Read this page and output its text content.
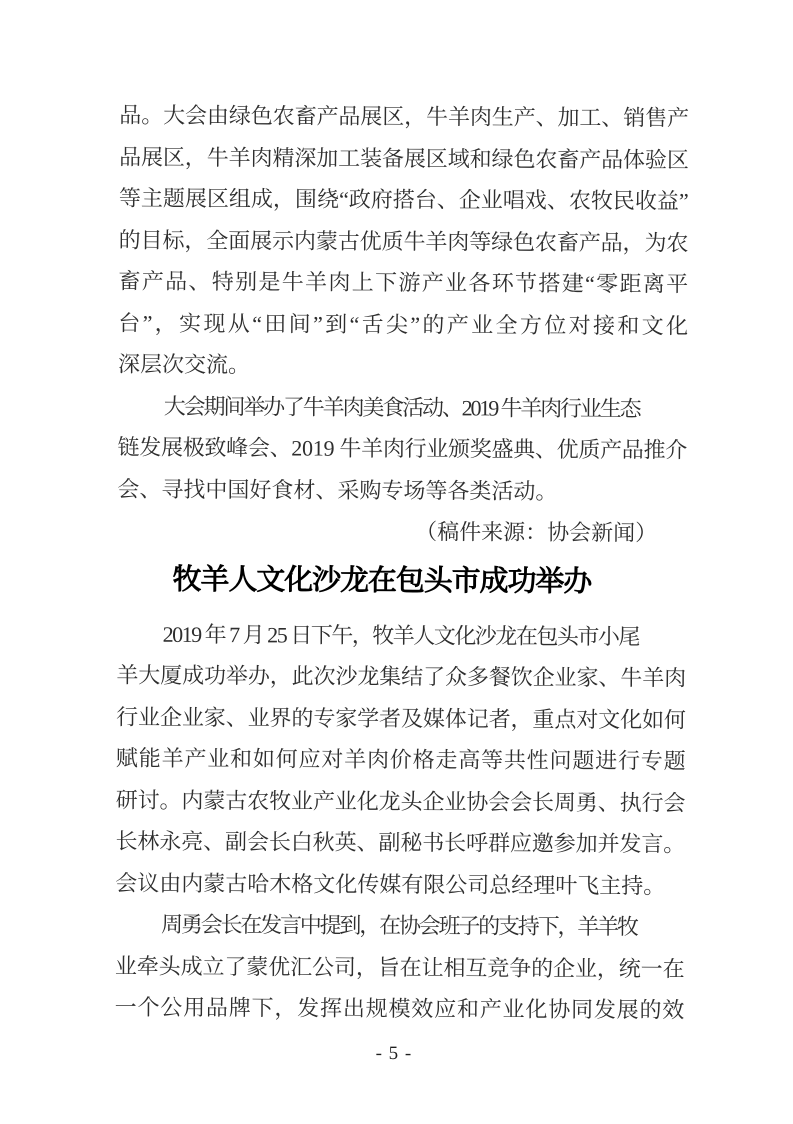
品。大会由绿色农畜产品展区，牛羊肉生产、加工、销售产
品展区，牛羊肉精深加工装备展区域和绿色农畜产品体验区
等主题展区组成，围绕“政府搭台、企业唱戏、农牧民收益”
的目标，全面展示内蒙古优质牛羊肉等绿色农畜产品，为农
畜产品、特别是牛羊肉上下游产业各环节搭建“零距离平
台”，实现从“田间”到“舌尖”的产业全方位对接和文化
深层次交流。
大会期间举办了牛羊肉美食活动、2019 牛羊肉行业生态
链发展极致峰会、2019 牛羊肉行业颁奖盛典、优质产品推介
会、寻找中国好食材、采购专场等各类活动。
（稿件来源：协会新闻）
牧羊人文化沙龙在包头市成功举办
2019 年 7 月 25 日下午，牧羊人文化沙龙在包头市小尾
羊大厦成功举办，此次沙龙集结了众多餐饮企业家、牛羊肉
行业企业家、业界的专家学者及媒体记者，重点对文化如何
赋能羊产业和如何应对羊肉价格走高等共性问题进行专题
研讨。内蒙古农牧业产业化龙头企业协会会长周勇、执行会
长林永亮、副会长白秋英、副秘书长呼群应邀参加并发言。
会议由内蒙古哈木格文化传媒有限公司总经理叶飞主持。
周勇会长在发言中提到，在协会班子的支持下，羊羊牧
业牵头成立了蒙优汇公司，旨在让相互竞争的企业，统一在
一个公用品牌下，发挥出规模效应和产业化协同发展的效
- 5 -
